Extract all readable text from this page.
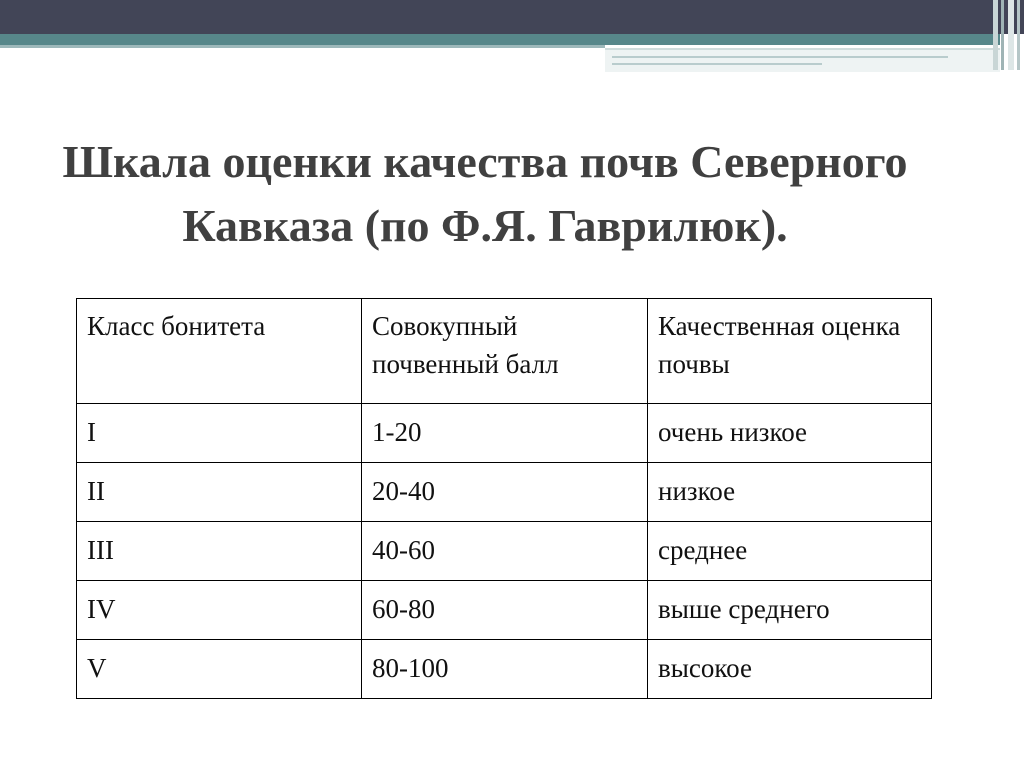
Шкала оценки качества почв Северного Кавказа (по Ф.Я. Гаврилюк).
Класс бонитета	Совокупный почвенный балл	Качественная оценка почвы
I	1-20	очень низкое
II	20-40	низкое
III	40-60	среднее
IV	60-80	выше среднего
V	80-100	высокое
